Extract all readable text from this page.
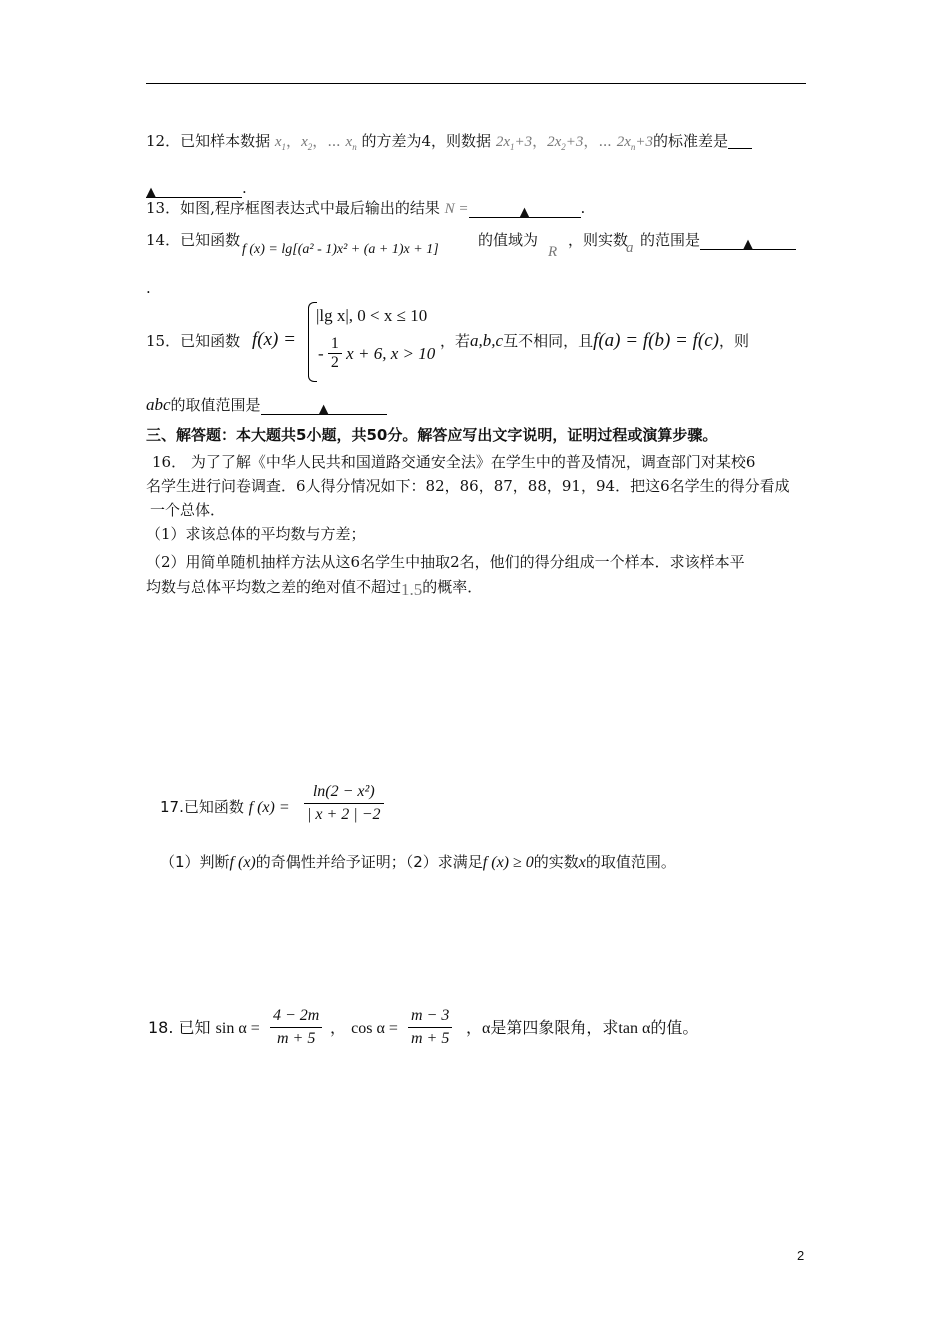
12．已知样本数据 $x_1$，$x_2$，⋯ $x_n$ 的方差为4，则数据 $2x_1+3$，$2x_2+3$，⋯ $2x_n+3$的标准差是
▲	.
13．如图,程序框图表达式中最后输出的结果 N =	▲	.
14．已知函数
f (x) = lg[(a² - 1)x² + (a + 1)x + 1]
的值域为
R
，则实数
a 的范围是	▲
.
15．已知函数 f(x) =
|lg x|, 0 < x ≤ 10
- $\frac{1}{2}$ x + 6, x > 10
，若a,b,c互不相同，且f(a) = f(b) = f(c)，则
abc的取值范围是	▲
三、解答题：本大题共5小题，共50分。解答应写出文字说明，证明过程或演算步骤。
16． 为了了解《中华人民共和国道路交通安全法》在学生中的普及情况，调查部门对某校6
名学生进行问卷调查．6人得分情况如下：82，86，87，88，91，94．把这6名学生的得分看成
一个总体．
（1）求该总体的平均数与方差；
（2）用简单随机抽样方法从这6名学生中抽取2名，他们的得分组成一个样本．求该样本平
均数与总体平均数之差的绝对值不超过1.5的概率．
17.已知函数 f $(x) = \frac{\text{ln(2 − x²)}}{| x + 2 | -2}$
（1）判断f (x)的奇偶性并给予证明；（2）求满足f (x) ≥ 0的实数x的取值范围。
18. 已知 $\sin \alpha = \frac{4 - 2m}{m + 5}$ ， $\cos \alpha = \frac{m - 3}{m + 5}$ ，α是第四象限角，求tan α的值。
2
